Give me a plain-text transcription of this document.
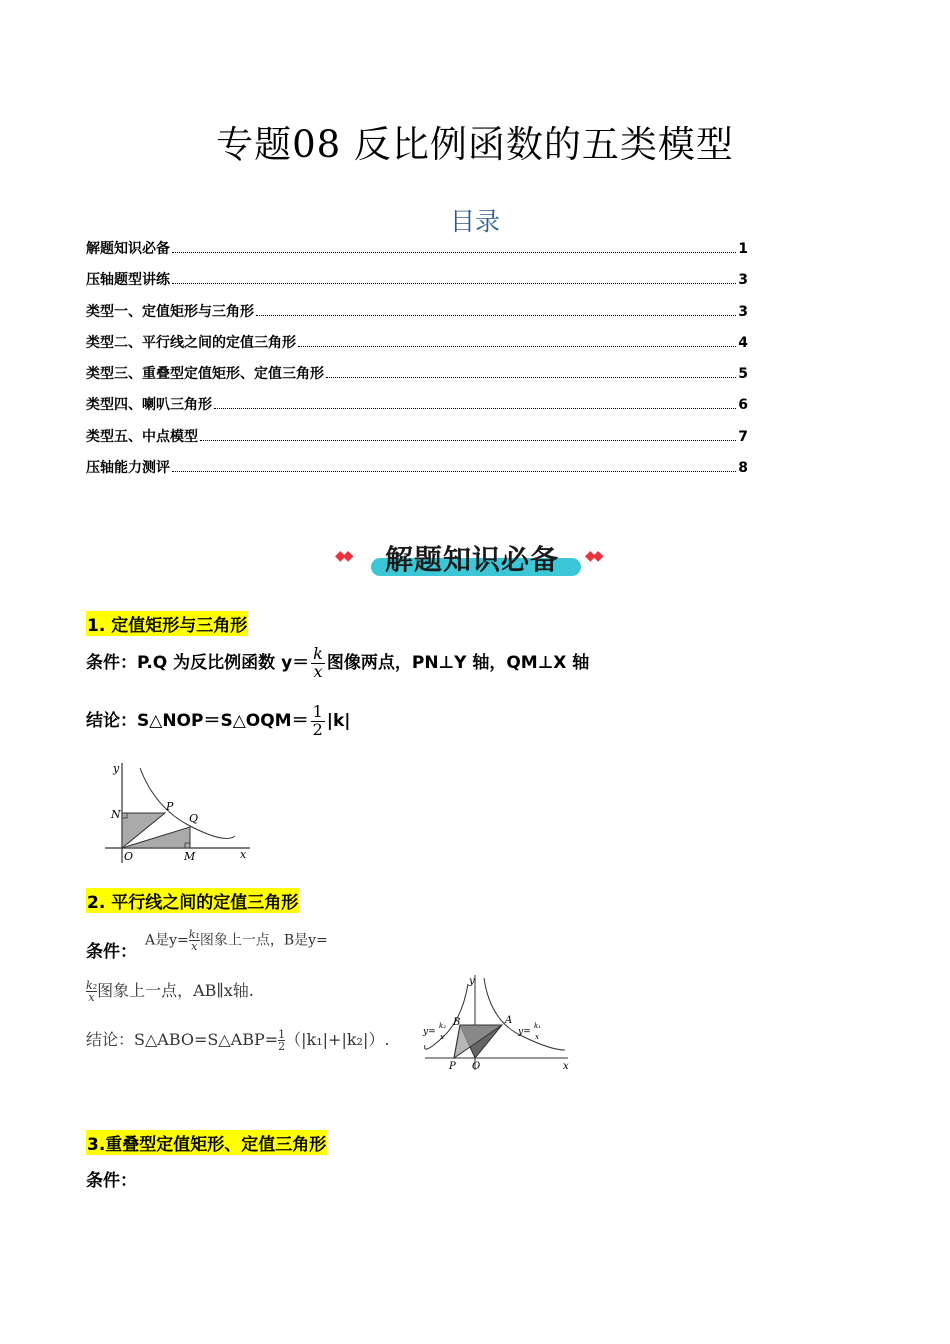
专题08 反比例函数的五类模型
目录
解题知识必备	1
压轴题型讲练	3
类型一、定值矩形与三角形	3
类型二、平行线之间的定值三角形	4
类型三、重叠型定值矩形、定值三角形	5
类型四、喇叭三角形	6
类型五、中点模型	7
压轴能力测评	8
◆◆ 解题知识必备 ◆◆
1. 定值矩形与三角形
条件：P.Q 为反比例函数 $y= \frac{k}{x}$ 图像两点，PN⊥Y 轴，QM⊥X 轴
结论：S△NOP＝S△OQM＝ $\frac{1}{2} |k|$
y
x
N
P
Q
O	M
2. 平行线之间的定值三角形
条件：
A是$y= \frac{\text{k₁}}{x}$ 图象上一点，B是y=
$\frac{\text{k₂}}{x}$ 图象上一点，AB∥x轴.
结论：S△ABO=S△ABP= $\frac{1}{2} (|k_1|+|k_2|)$.
y
x
A
B
P O
y=
k₂
x	y=
k₁
x
3.重叠型定值矩形、定值三角形
条件：
